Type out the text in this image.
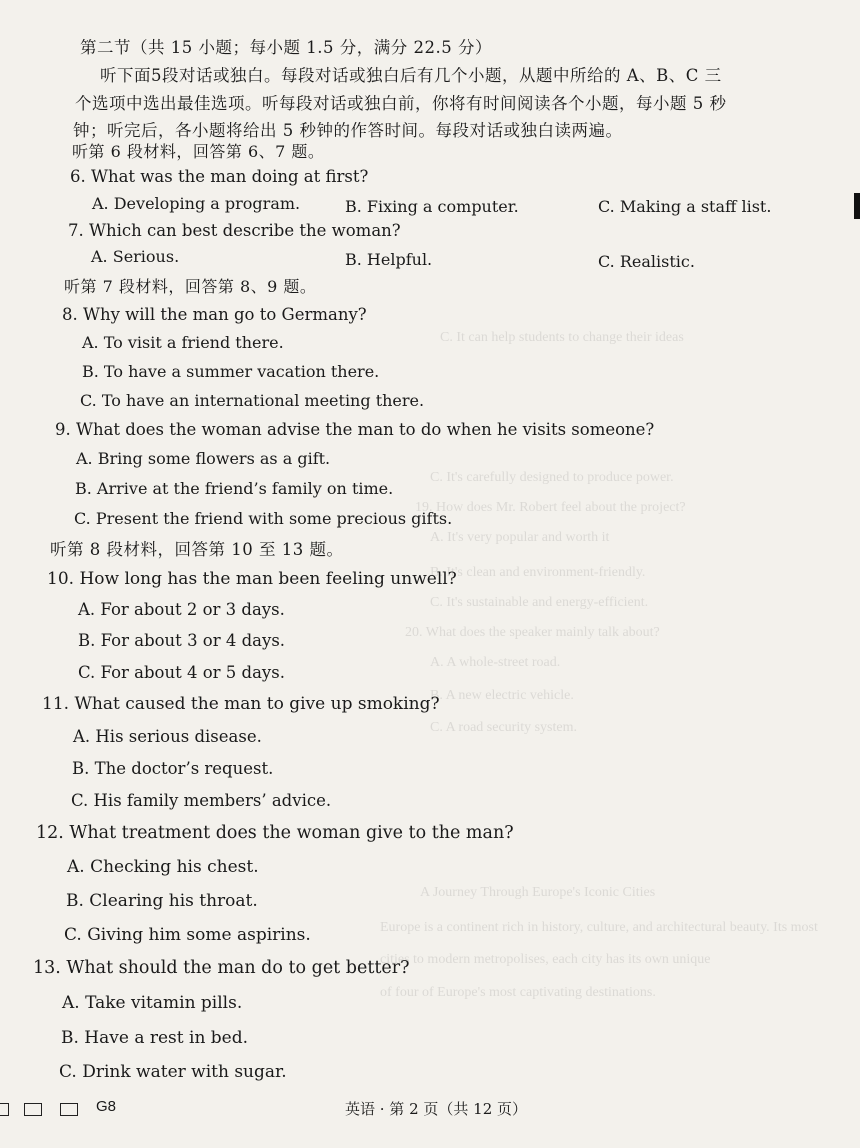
C. It can help students to change their ideas
C. It's carefully designed to produce power.
19. How does Mr. Robert feel about the project?
A. It's very popular and worth it
B. It's clean and environment-friendly.
C. It's sustainable and energy-efficient.
20. What does the speaker mainly talk about?
A. A whole-street road.
B. A new electric vehicle.
C. A road security system.
A Journey Through Europe's Iconic Cities
Europe is a continent rich in history, culture, and architectural beauty. Its most
cities to modern metropolises, each city has its own unique
of four of Europe's most captivating destinations.
第二节（共 15 小题；每小题 1.5 分，满分 22.5 分）
听下面5段对话或独白。每段对话或独白后有几个小题，从题中所给的 A、B、C 三
个选项中选出最佳选项。听每段对话或独白前，你将有时间阅读各个小题，每小题 5 秒
钟；听完后，各小题将给出 5 秒钟的作答时间。每段对话或独白读两遍。
听第 6 段材料，回答第 6、7 题。
6. What was the man doing at first?
A. Developing a program.	B. Fixing a computer.	C. Making a staff list.
7. Which can best describe the woman?
A. Serious.	B. Helpful.	C. Realistic.
听第 7 段材料，回答第 8、9 题。
8. Why will the man go to Germany?
A. To visit a friend there.
B. To have a summer vacation there.
C. To have an international meeting there.
9. What does the woman advise the man to do when he visits someone?
A. Bring some flowers as a gift.
B. Arrive at the friend’s family on time.
C. Present the friend with some precious gifts.
听第 8 段材料，回答第 10 至 13 题。
10. How long has the man been feeling unwell?
A. For about 2 or 3 days.
B. For about 3 or 4 days.
C. For about 4 or 5 days.
11. What caused the man to give up smoking?
A. His serious disease.
B. The doctor’s request.
C. His family members’ advice.
12. What treatment does the woman give to the man?
A. Checking his chest.
B. Clearing his throat.
C. Giving him some aspirins.
13. What should the man do to get better?
A. Take vitamin pills.
B. Have a rest in bed.
C. Drink water with sugar.
G8	英语 · 第 2 页（共 12 页）
